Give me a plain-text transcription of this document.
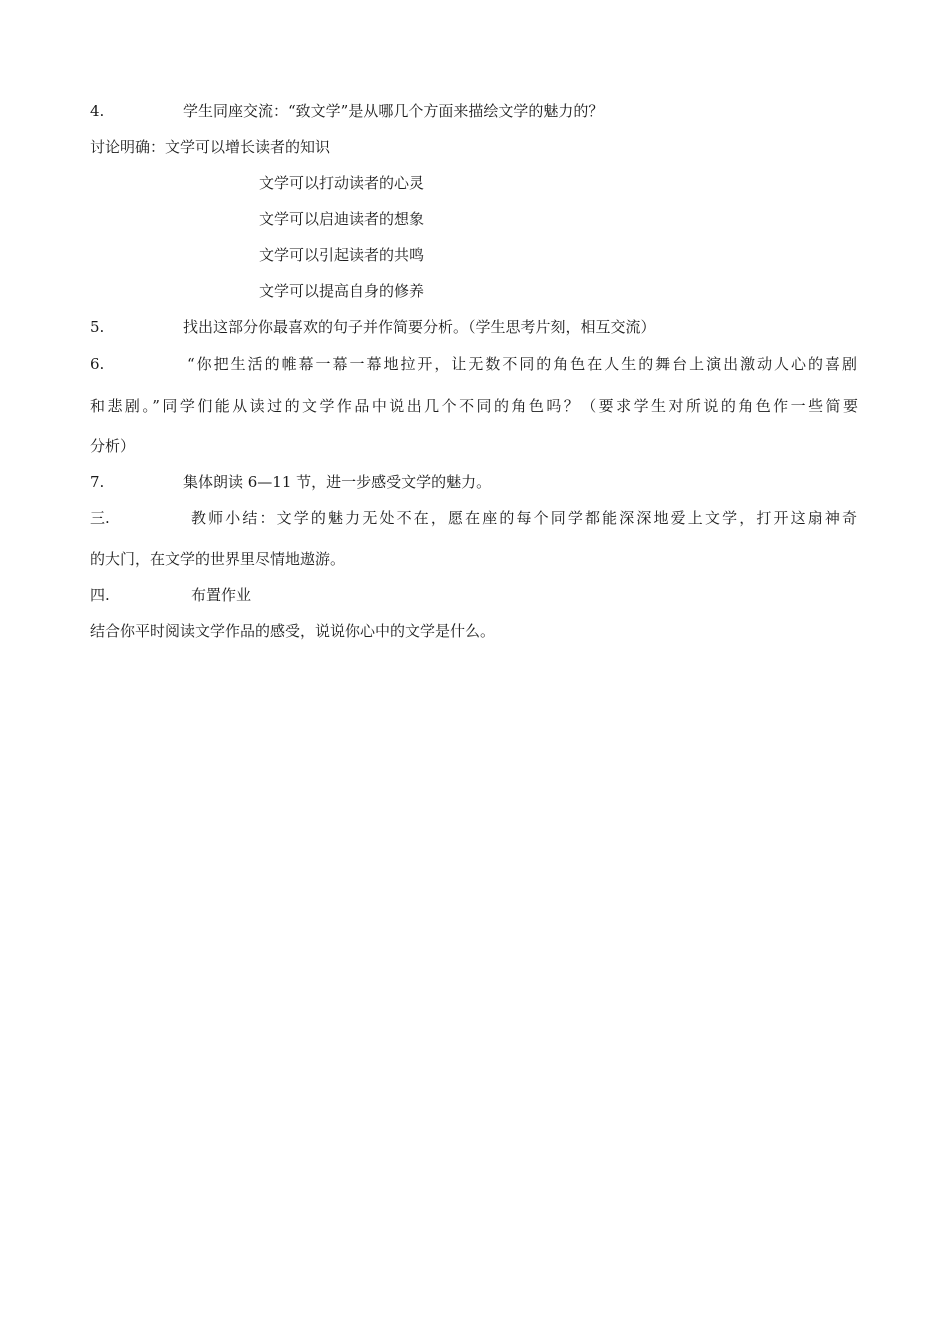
4.	学生同座交流：“致文学”是从哪几个方面来描绘文学的魅力的？
讨论明确：文学可以增长读者的知识
文学可以打动读者的心灵
文学可以启迪读者的想象
文学可以引起读者的共鸣
文学可以提高自身的修养
5.	找出这部分你最喜欢的句子并作简要分析。（学生思考片刻，相互交流）
6.	“你把生活的帷幕一幕一幕地拉开，让无数不同的角色在人生的舞台上演出激动人心的喜剧
和悲剧。”同学们能从读过的文学作品中说出几个不同的角色吗？（要求学生对所说的角色作一些简要
分析）
7.	集体朗读 6—11 节，进一步感受文学的魅力。
三.	教师小结：文学的魅力无处不在，愿在座的每个同学都能深深地爱上文学，打开这扇神奇
的大门，在文学的世界里尽情地遨游。
四.	布置作业
结合你平时阅读文学作品的感受，说说你心中的文学是什么。
